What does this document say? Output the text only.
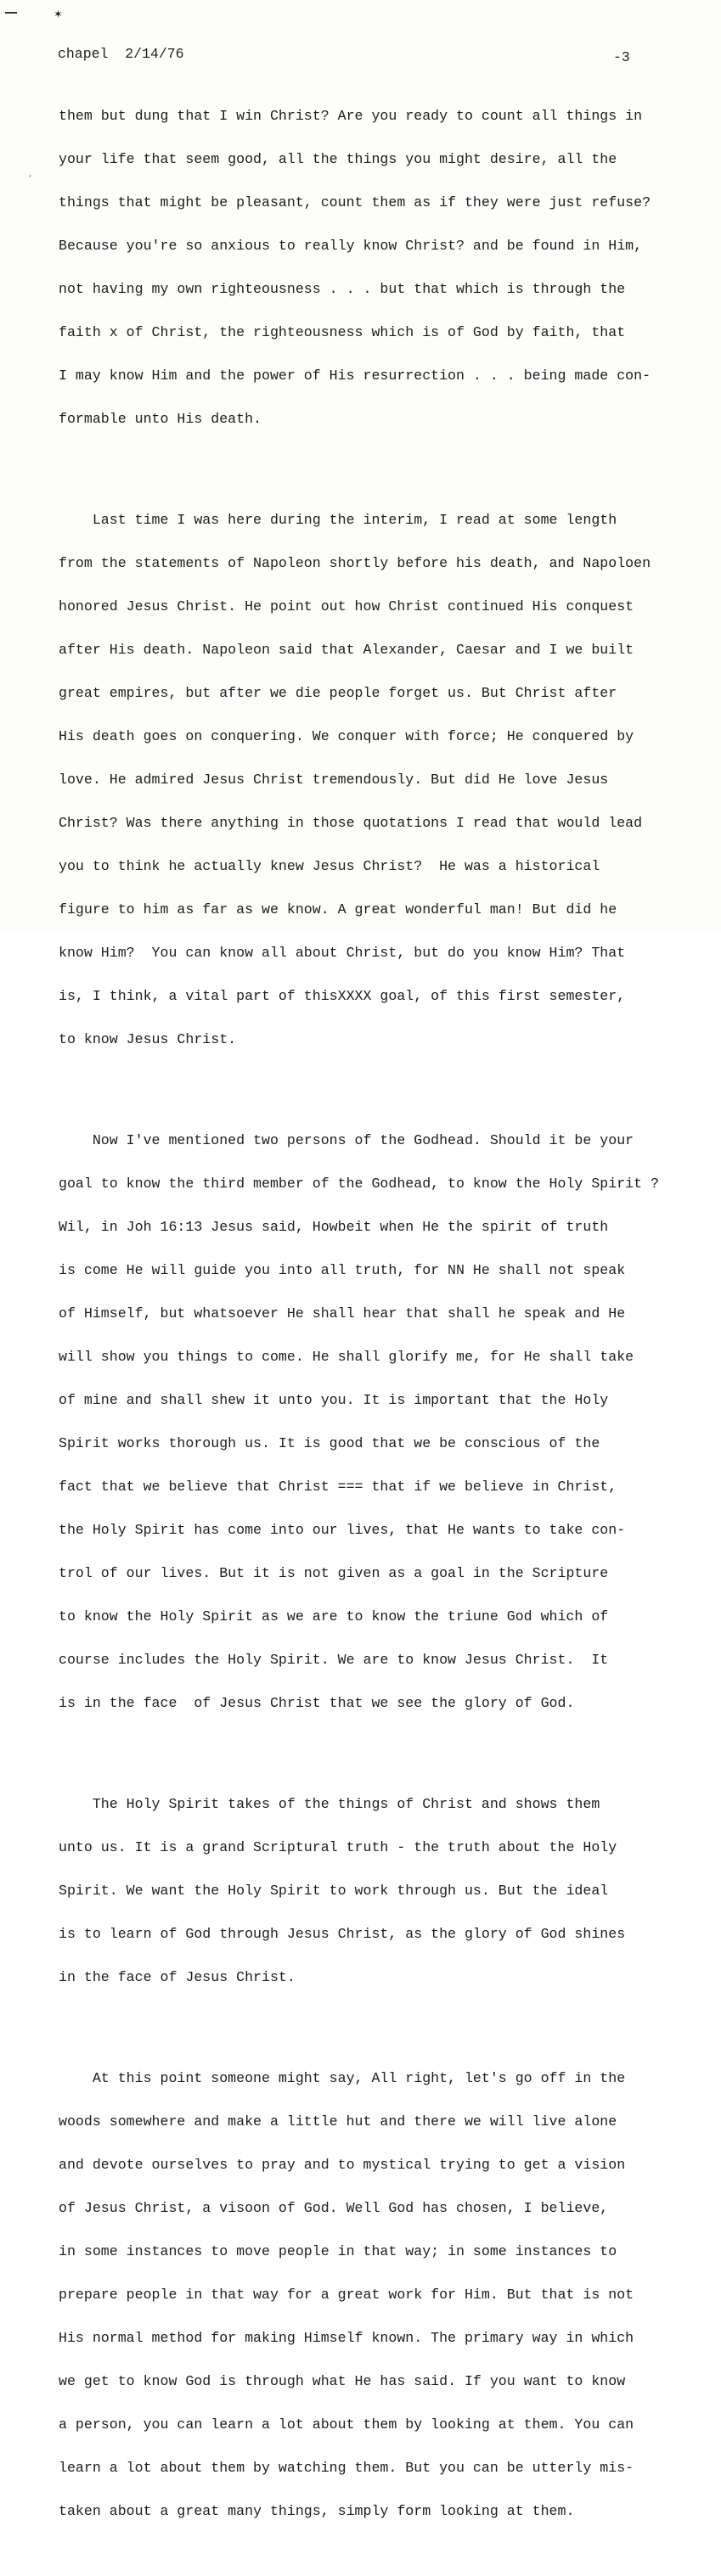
✶
‘
chapel  2/14/76	-3

them but dung that I win Christ? Are you ready to count all things in

your life that seem good, all the things you might desire, all the

things that might be pleasant, count them as if they were just refuse?

Because you're so anxious to really know Christ? and be found in Him,

not having my own righteousness . . . but that which is through the

faith x of Christ, the righteousness which is of God by faith, that

I may know Him and the power of His resurrection . . . being made con-

formable unto His death.

Last time I was here during the interim, I read at some length

from the statements of Napoleon shortly before his death, and Napoloen

honored Jesus Christ. He point out how Christ continued His conquest

after His death. Napoleon said that Alexander, Caesar and I we built

great empires, but after we die people forget us. But Christ after

His death goes on conquering. We conquer with force; He conquered by

love. He admired Jesus Christ tremendously. But did He love Jesus

Christ? Was there anything in those quotations I read that would lead

you to think he actually knew Jesus Christ?  He was a historical

figure to him as far as we know. A great wonderful man! But did he

know Him?  You can know all about Christ, but do you know Him? That

is, I think, a vital part of thisXXXX goal, of this first semester,

to know Jesus Christ.

Now I've mentioned two persons of the Godhead. Should it be your

goal to know the third member of the Godhead, to know the Holy Spirit ?

Wil, in Joh 16:13 Jesus said, Howbeit when He the spirit of truth

is come He will guide you into all truth, for NN He shall not speak

of Himself, but whatsoever He shall hear that shall he speak and He

will show you things to come. He shall glorify me, for He shall take

of mine and shall shew it unto you. It is important that the Holy

Spirit works thorough us. It is good that we be conscious of the

fact that we believe that Christ === that if we believe in Christ,

the Holy Spirit has come into our lives, that He wants to take con-

trol of our lives. But it is not given as a goal in the Scripture

to know the Holy Spirit as we are to know the triune God which of

course includes the Holy Spirit. We are to know Jesus Christ.  It

is in the face  of Jesus Christ that we see the glory of God.

The Holy Spirit takes of the things of Christ and shows them

unto us. It is a grand Scriptural truth - the truth about the Holy

Spirit. We want the Holy Spirit to work through us. But the ideal

is to learn of God through Jesus Christ, as the glory of God shines

in the face of Jesus Christ.

At this point someone might say, All right, let's go off in the

woods somewhere and make a little hut and there we will live alone

and devote ourselves to pray and to mystical trying to get a vision

of Jesus Christ, a visoon of God. Well God has chosen, I believe,

in some instances to move people in that way; in some instances to

prepare people in that way for a great work for Him. But that is not

His normal method for making Himself known. The primary way in which

we get to know God is through what He has said. If you want to know

a person, you can learn a lot about them by looking at them. You can

learn a lot about them by watching them. But you can be utterly mis-

taken about a great many things, simply form looking at them.
